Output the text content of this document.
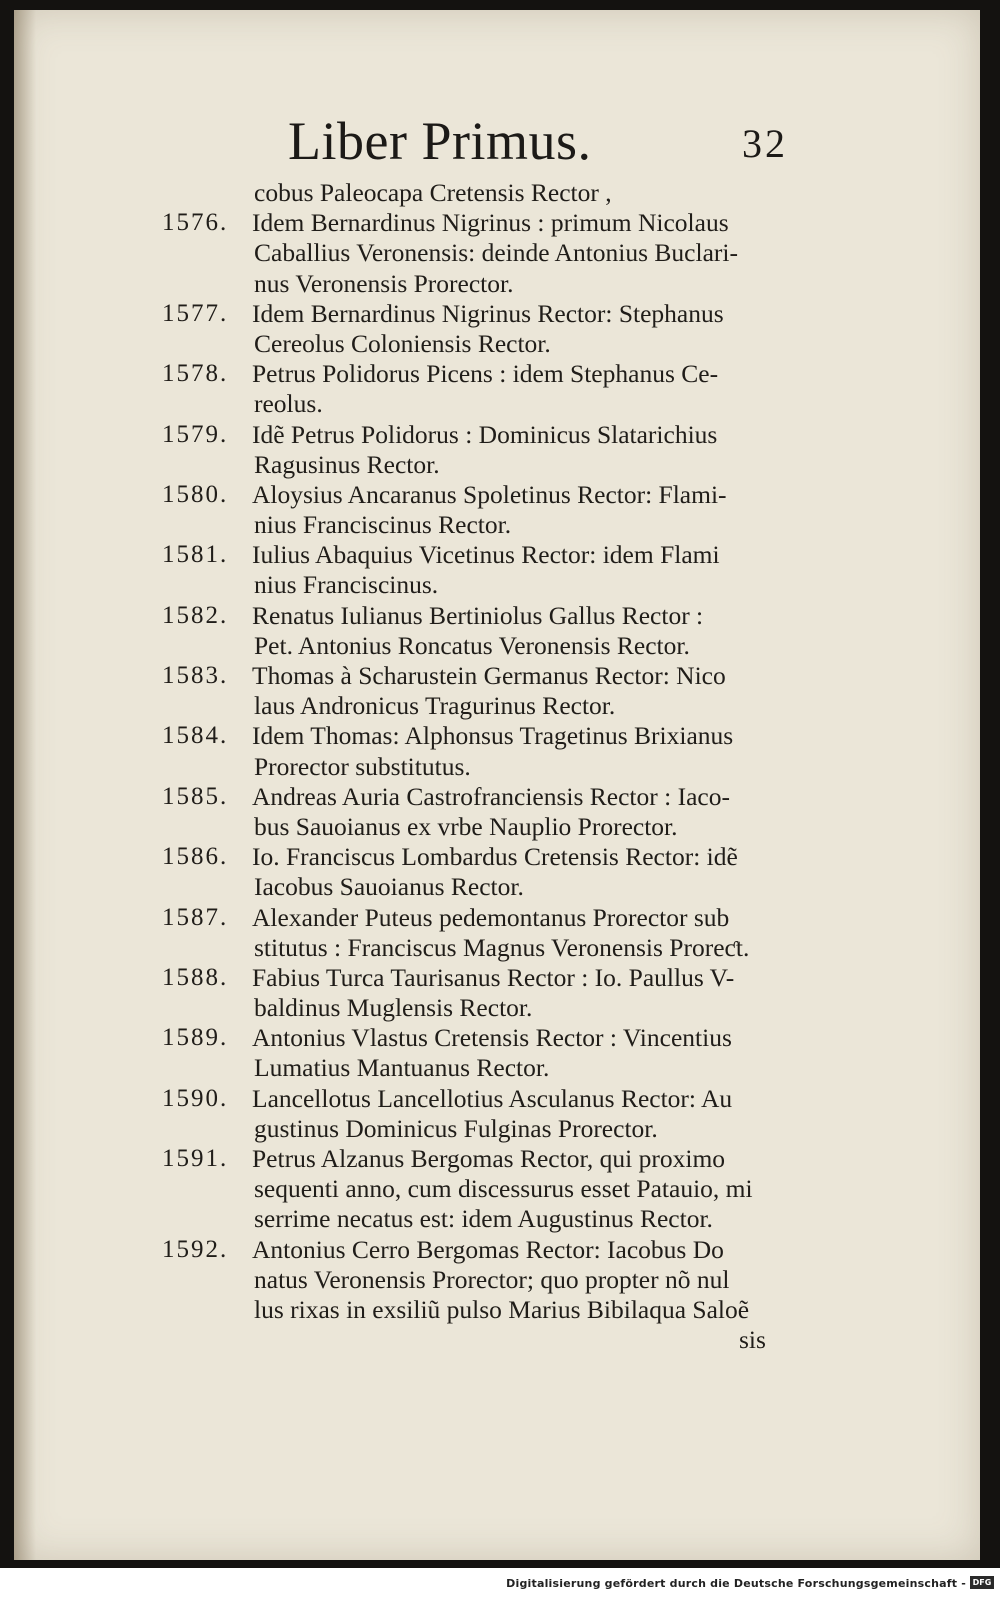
Liber Primus.	32
cobus Paleocapa Cretensis Rector ,
1576. Idem Bernardinus Nigrinus : primum Nicolaus
Caballius Veronensis: deinde Antonius Buclari-
nus Veronensis Prorector.
1577. Idem Bernardinus Nigrinus Rector: Stephanus
Cereolus Coloniensis Rector.
1578. Petrus Polidorus Picens : idem Stephanus Ce-
reolus.
1579. Idẽ Petrus Polidorus : Dominicus Slatarichius
Ragusinus Rector.
1580. Aloysius Ancaranus Spoletinus Rector: Flami-
nius Franciscinus Rector.
1581. Iulius Abaquius Vicetinus Rector: idem Flami
nius Franciscinus.
1582. Renatus Iulianus Bertiniolus Gallus Rector :
Pet. Antonius Roncatus Veronensis Rector.
1583. Thomas à Scharustein Germanus Rector: Nico
laus Andronicus Tragurinus Rector.
1584. Idem Thomas: Alphonsus Tragetinus Brixianus
Prorector substitutus.
1585. Andreas Auria Castrofranciensis Rector : Iaco-
bus Sauoianus ex vrbe Nauplio Prorector.
1586. Io. Franciscus Lombardus Cretensis Rector: idẽ
Iacobus Sauoianus Rector.
1587. Alexander Puteus pedemontanus Prorector sub
stitutus : Franciscus Magnus Veronensis Proreƈt.
1588. Fabius Turca Taurisanus Rector : Io. Paullus V-
baldinus Muglensis Rector.
1589. Antonius Vlastus Cretensis Rector : Vincentius
Lumatius Mantuanus Rector.
1590. Lancellotus Lancellotius Asculanus Rector: Au
gustinus Dominicus Fulginas Prorector.
1591. Petrus Alzanus Bergomas Rector, qui proximo
sequenti anno, cum discessurus esset Patauio, mi
serrime necatus est: idem Augustinus Rector.
1592. Antonius Cerro Bergomas Rector: Iacobus Do
natus Veronensis Prorector; quo propter nõ nul
lus rixas in exsiliũ pulso Marius Bibilaqua Saloẽ
sis
Digitalisierung gefördert durch die Deutsche Forschungsgemeinschaft - DFG
